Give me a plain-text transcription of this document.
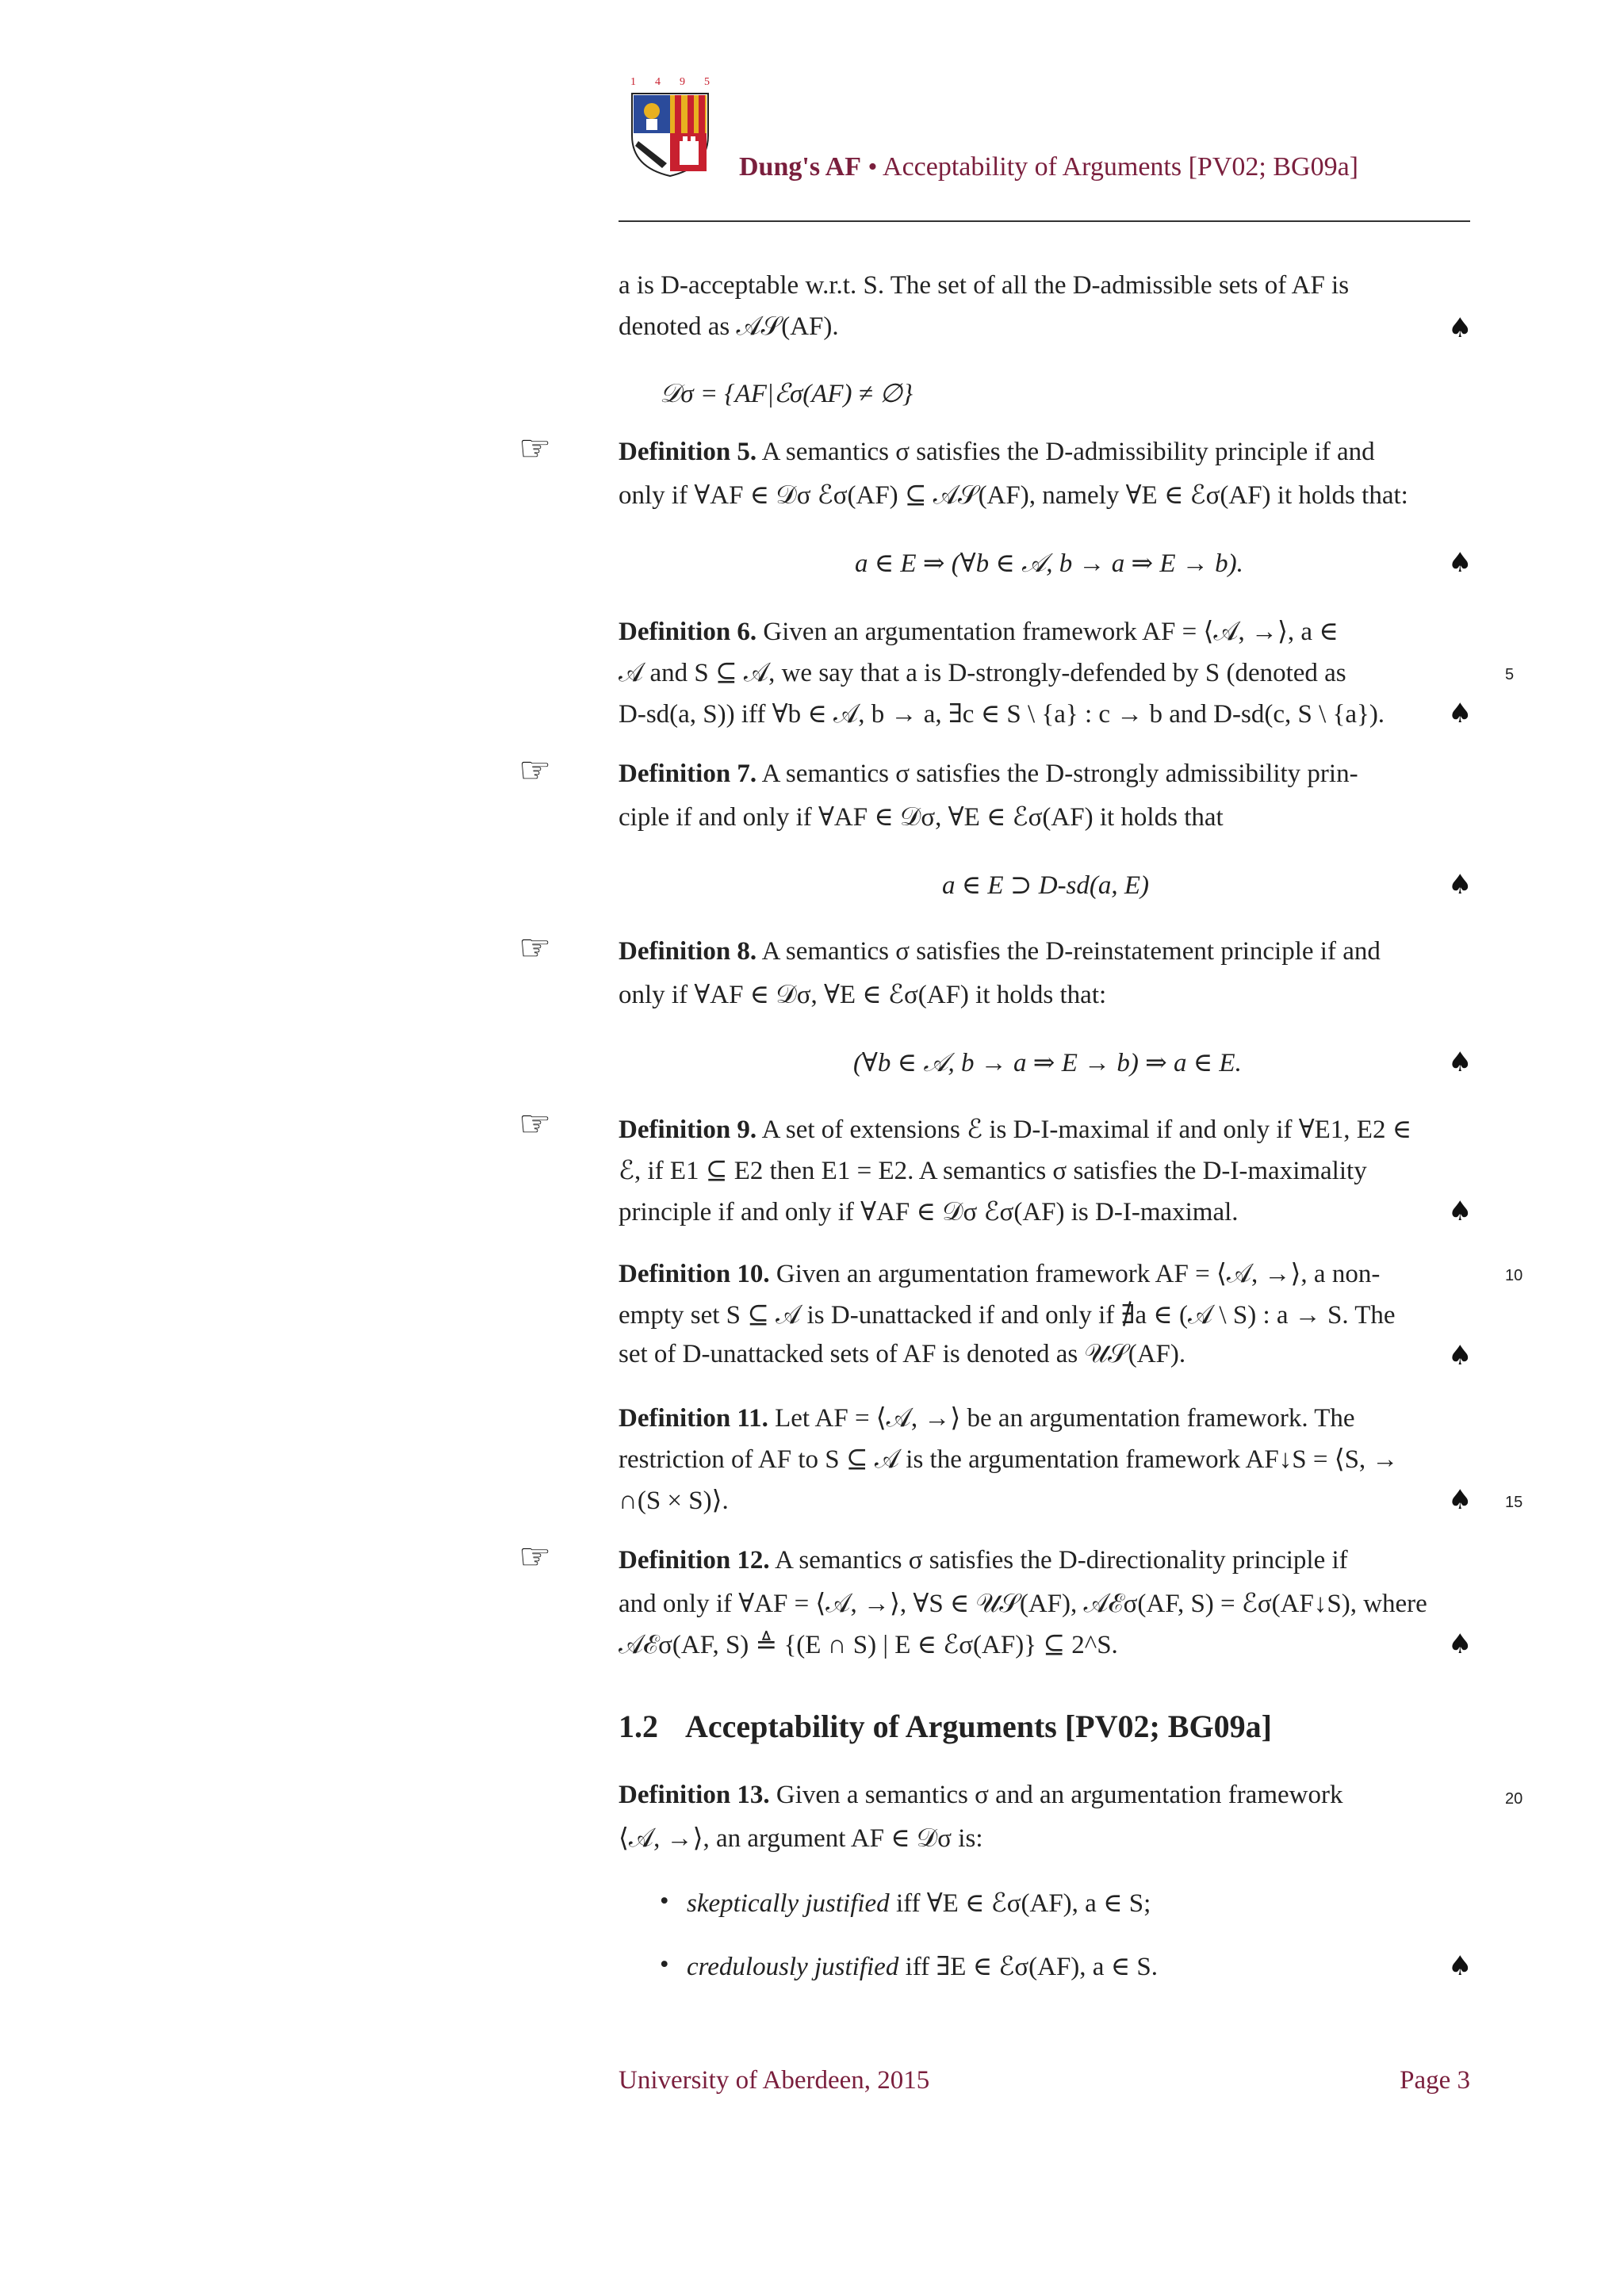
1 4 9 5
Dung's AF • Acceptability of Arguments [PV02; BG09a]
a is D-acceptable w.r.t. S. The set of all the D-admissible sets of AF is
denoted as 𝒜𝒮(AF).	♠
𝒟σ = {AF|ℰσ(AF) ≠ ∅}
☞	Definition 5. A semantics σ satisfies the D-admissibility principle if and
only if ∀AF ∈ 𝒟σ ℰσ(AF) ⊆ 𝒜𝒮(AF), namely ∀E ∈ ℰσ(AF) it holds that:
a ∈ E ⇒ (∀b ∈ 𝒜, b → a ⇒ E → b).	♠
Definition 6. Given an argumentation framework AF = ⟨𝒜, →⟩, a ∈
𝒜 and S ⊆ 𝒜, we say that a is D-strongly-defended by S (denoted as	5
D-sd(a, S)) iff ∀b ∈ 𝒜, b → a, ∃c ∈ S \ {a} : c → b and D-sd(c, S \ {a}).	♠
☞	Definition 7. A semantics σ satisfies the D-strongly admissibility prin-
ciple if and only if ∀AF ∈ 𝒟σ, ∀E ∈ ℰσ(AF) it holds that
a ∈ E ⊃ D-sd(a, E)	♠
☞	Definition 8. A semantics σ satisfies the D-reinstatement principle if and
only if ∀AF ∈ 𝒟σ, ∀E ∈ ℰσ(AF) it holds that:
(∀b ∈ 𝒜, b → a ⇒ E → b) ⇒ a ∈ E.	♠
☞	Definition 9. A set of extensions ℰ is D-I-maximal if and only if ∀E1, E2 ∈
ℰ, if E1 ⊆ E2 then E1 = E2. A semantics σ satisfies the D-I-maximality
principle if and only if ∀AF ∈ 𝒟σ ℰσ(AF) is D-I-maximal.	♠
Definition 10. Given an argumentation framework AF = ⟨𝒜, →⟩, a non-	10
empty set S ⊆ 𝒜 is D-unattacked if and only if ∄a ∈ (𝒜 \ S) : a → S. The
set of D-unattacked sets of AF is denoted as 𝒰𝒮(AF).	♠
Definition 11. Let AF = ⟨𝒜, →⟩ be an argumentation framework. The
restriction of AF to S ⊆ 𝒜 is the argumentation framework AF↓S = ⟨S, →
∩(S × S)⟩.	♠ 15
☞	Definition 12. A semantics σ satisfies the D-directionality principle if
and only if ∀AF = ⟨𝒜, →⟩, ∀S ∈ 𝒰𝒮(AF), 𝒜ℰσ(AF, S) = ℰσ(AF↓S), where
𝒜ℰσ(AF, S) ≜ {(E ∩ S) | E ∈ ℰσ(AF)} ⊆ 2^S.	♠
1.2 Acceptability of Arguments [PV02; BG09a]
Definition 13. Given a semantics σ and an argumentation framework	20
⟨𝒜, →⟩, an argument AF ∈ 𝒟σ is:
• skeptically justified iff ∀E ∈ ℰσ(AF), a ∈ S;
• credulously justified iff ∃E ∈ ℰσ(AF), a ∈ S.	♠
University of Aberdeen, 2015	Page 3
